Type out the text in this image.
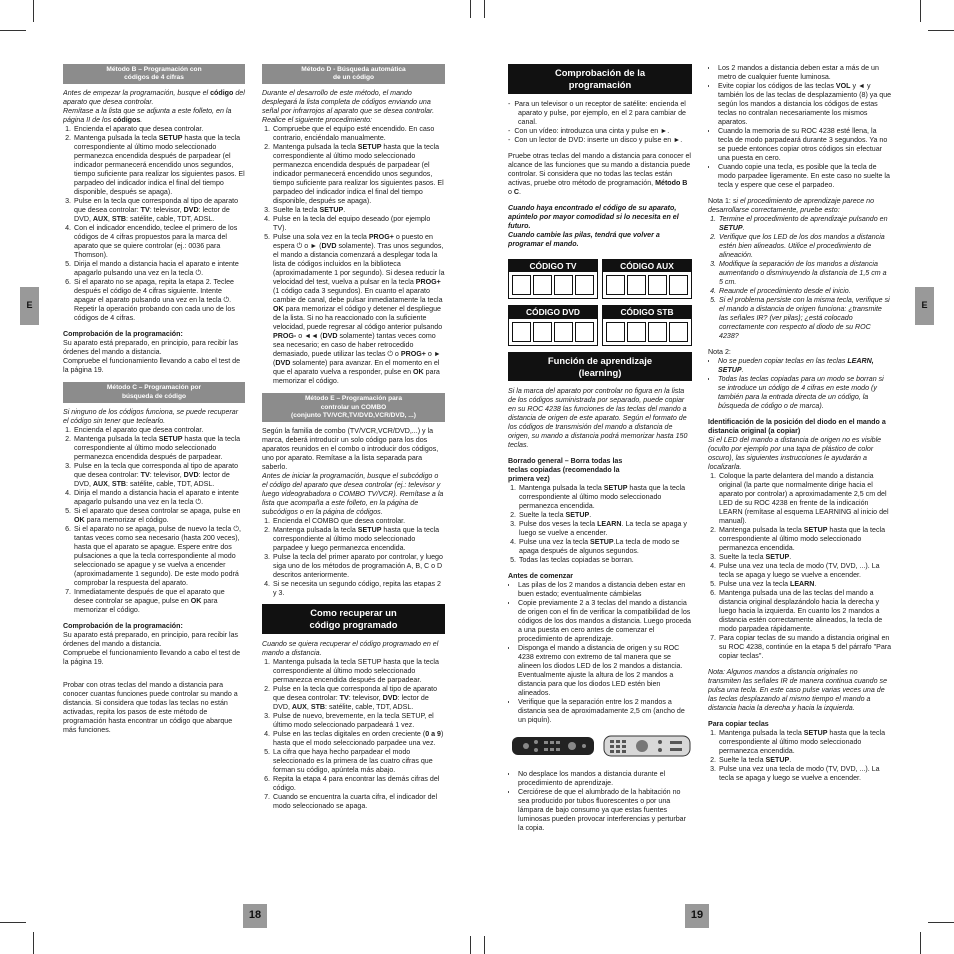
E	E
18	19
Método B – Programación con
códigos de 4 cifras

Antes de empezar la programación, busque el código del aparato que desea controlar.

Remítase a la lista que se adjunta a este folleto, en la página II de los códigos.

1. Encienda el aparato que desea controlar.
2. Mantenga pulsada la tecla SETUP hasta que la tecla correspondiente al último modo seleccionado permanezca encendida después de parpadear (el indicador permanecerá encendido unos segundos, tiempo suficiente para realizar los siguientes pasos. El parpadeo del indicador indica el final del tiempo disponible, después se apaga).
3. Pulse en la tecla que corresponda al tipo de aparato que desea controlar: TV: televisor, DVD: lector de DVD, AUX, STB: satélite, cable, TDT, ADSL.
4. Con el indicador encendido, teclee el primero de los códigos de 4 cifras propuestos para la marca del aparato que se quiere controlar (ej.: 0036 para Thomson).
5. Dirija el mando a distancia hacia el aparato e intente apagarlo pulsando una vez en la tecla ⏻.
6. Si el aparato no se apaga, repita la etapa 2. Teclee después el código de 4 cifras siguiente. Intente apagar el aparato pulsando una vez en la tecla ⏻. Repetir la operación probando con cada uno de los códigos de 4 cifras.

Comprobación de la programación:

Su aparato está preparado, en principio, para recibir las órdenes del mando a distancia.

Compruebe el funcionamiento llevando a cabo el test de la página 19.

Método C – Programación por
búsqueda de código

Si ninguno de los códigos funciona, se puede recuperar el código sin tener que teclearlo.

1. Encienda el aparato que desea controlar.
2. Mantenga pulsada la tecla SETUP hasta que la tecla correspondiente al último modo seleccionado permanezca encendida después de parpadear.
3. Pulse en la tecla que corresponda al tipo de aparato que desea controlar: TV: televisor, DVD: lector de DVD, AUX, STB: satélite, cable, TDT, ADSL.
4. Dirija el mando a distancia hacia el aparato e intente apagarlo pulsando una vez en la tecla ⏻.
5. Si el aparato que desea controlar se apaga, pulse en OK para memorizar el código.
6. Si el aparato no se apaga, pulse de nuevo la tecla ⏻, tantas veces como sea necesario (hasta 200 veces), hasta que el aparato se apague. Espere entre dos pulsaciones a que la tecla correspondiente al modo seleccionado se apague y se vuelva a encender (aproximadamente 1 segundo). De este modo podrá comprobar la respuesta del aparato.
7. Inmediatamente después de que el aparato que desee controlar se apague, pulse en OK para memorizar el código.

Comprobación de la programación:

Su aparato está preparado, en principio, para recibir las órdenes del mando a distancia.

Compruebe el funcionamiento llevando a cabo el test de la página 19.

Probar con otras teclas del mando a distancia para conocer cuantas funciones puede controlar su mando a distancia. Si considera que todas las teclas no están activadas, repita los pasos de este método de programación hasta encontrar un código que abarque más funciones.

Método D - Búsqueda automática
de un código

Durante el desarrollo de este método, el mando desplegará la lista completa de códigos enviando una señal por infrarrojos al aparato que se desea controlar. Realice el siguiente procedimiento:

1. Compruebe que el equipo esté encendido. En caso contrario, enciéndalo manualmente.
2. Mantenga pulsada la tecla SETUP hasta que la tecla correspondiente al último modo seleccionado permanezca encendida después de parpadear (el indicador permanecerá encendido unos segundos, tiempo suficiente para realizar los siguientes pasos. El parpadeo del indicador indica el final del tiempo disponible, después se apaga).
3. Suelte la tecla SETUP.
4. Pulse en la tecla del equipo deseado (por ejemplo TV).
5. Pulse una sola vez en la tecla PROG+ o puesto en espera ⏻ o ► (DVD solamente). Tras unos segundos, el mando a distancia comenzará a desplegar toda la lista de códigos incluidos en la biblioteca (aproximadamente 1 por segundo). Si desea reducir la velocidad del test, vuelva a pulsar en la tecla PROG+ (1 código cada 3 segundos). En cuanto el aparato cambie de canal, debe pulsar inmediatamente la tecla OK para memorizar el código y detener el despliegue de la lista. Si no ha reaccionado con la suficiente velocidad, puede regresar al código anterior pulsando PROG- o ◄◄ (DVD solamente) tantas veces como sea necesario; en caso de haber retrocedido demasiado, puede utilizar las teclas ⏻ o PROG+ o ► (DVD solamente) para avanzar. En el momento en el que el aparato vuelva a responder, pulse en OK para memorizar el código.
Método E – Programación para
controlar un COMBO
(conjunto TV/VCR,TV/DVD,VCR/DVD, ...)

Según la familia de combo (TV/VCR,VCR/DVD,...) y la marca, deberá introducir un solo código para los dos aparatos reunidos en el combo o introducir dos códigos, uno por aparato. Remítase a la lista separada para saberlo.

Antes de iniciar la programación, busque el subcódigo o el código del aparato que desea controlar (ej.: televisor y luego videograbadora o COMBO TV/VCR). Remítase a la lista que acompaña a este folleto, en la página de subcódigos o en la página de códigos.

1. Encienda el COMBO que desea controlar.
2. Mantenga pulsada la tecla SETUP hasta que la tecla correspondiente al último modo seleccionado parpadee y luego permanezca encendida.
3. Pulse la tecla del primer aparato por controlar, y luego siga uno de los métodos de programación A, B, C o D descritos anteriormente.
4. Si se necesita un segundo código, repita las etapas 2 y 3.
Como recuperar un
código programado

Cuando se quiera recuperar el código programado en el mando a distancia.

1. Mantenga pulsada la tecla SETUP hasta que la tecla correspondiente al último modo seleccionado permanezca encendida después de parpadear.
2. Pulse en la tecla que corresponda al tipo de aparato que desea controlar: TV: televisor, DVD: lector de DVD, AUX, STB: satélite, cable, TDT, ADSL.
3. Pulse de nuevo, brevemente, en la tecla SETUP, el último modo seleccionado parpadeará 1 vez.
4. Pulse en las teclas digitales en orden creciente (0 a 9) hasta que el modo seleccionado parpadee una vez.
5. La cifra que haya hecho parpadear el modo seleccionado es la primera de las cuatro cifras que forman su código, apúntela más abajo.
6. Repita la etapa 4 para encontrar las demás cifras del código.
7. Cuando se encuentra la cuarta cifra, el indicador del modo seleccionado se apaga.
Comprobación de la
programación
-  Para un televisor o un receptor de satélite: encienda el aparato y pulse, por ejemplo, en el 2 para cambiar de canal.
-  Con un vídeo: introduzca una cinta y pulse en ►.
-  Con un lector de DVD: inserte un disco y pulse en ►.

Pruebe otras teclas del mando a distancia para conocer el alcance de las funciones que su mando a distancia puede controlar. Si considera que no todas las teclas están activas, pruebe otro método de programación, Método B o C.

Cuando haya encontrado el código de su aparato, apúntelo por mayor comodidad si lo necesita en el futuro.

Cuando cambie las pilas, tendrá que volver a programar el mando.

CÓDIGO TV	CÓDIGO AUX
CÓDIGO DVD	CÓDIGO STB
Función de aprendizaje
(learning)

Si la marca del aparato por controlar no figura en la lista de los códigos suministrada por separado, puede copiar en su ROC 4238 las funciones de las teclas del mando a distancia de origen de este aparato. Según el formato de los códigos de transmisión del mando a distancia de origen, su mando a distancia podrá memorizar hasta 150 teclas.

Borrado general – Borra todas las teclas copiadas (recomendado la primera vez)

1. Mantenga pulsada la tecla SETUP hasta que la tecla correspondiente al último modo seleccionado permanezca encendida.
2. Suelte la tecla SETUP.
3. Pulse dos veses la tecla LEARN. La tecla se apaga y luego se vuelve a encender.
4. Pulse una vez la tecla SETUP.La tecla de modo se apaga después de algunos segundos.
5. Todas las teclas copiadas se borran.

Antes de comenzar

• Las pilas de los 2 mandos a distancia deben estar en buen estado; eventualmente cámbielas
• Copie previamente 2 a 3 teclas del mando a distancia de origen con el fin de verificar la compatibilidad de los códigos de los dos mandos a distancia. Luego proceda a una puesta en cero antes de comenzar el procedimiento de aprendizaje.
• Disponga el mando a distancia de origen y su ROC 4238 extremo con extremo de tal manera que se alineen los diodos LED de los 2 mandos a distancia. Eventualmente ajuste la altura de los 2 mandos a distancia para que los diodos LED estén bien alineados.
• Verifique que la separación entre los 2 mandos a distancia sea de aproximadamente 2,5 cm (ancho de un piquín).
• No desplace los mandos a distancia durante el procedimiento de aprendizaje.
• Cerciórese de que el alumbrado de la habitación no sea producido por tubos fluorescentes o por una lámpara de bajo consumo ya que estas fuentes luminosas pueden provocar interferencias y perturbar la copia.
• Los 2 mandos a distancia deben estar a más de un metro de cualquier fuente luminosa.
• Evite copiar los códigos de las teclas VOL y ◄ y también los de las teclas de desplazamiento (8) ya que según los mandos a distancia los códigos de estas teclas no contralan necesariamente los mismos aparatos.
• Cuando la memoria de su ROC 4238 esté llena, la tecla de modo parpadeará durante 3 segundos. Ya no se puede entonces copiar otros códigos sin efectuar una puesta en cero.
• Cuando copie una tecla, es posible que la tecla de modo parpadee ligeramente. En este caso no suelte la tecla y espere que cese el parpadeo.

Nota 1: si el procedimiento de aprendizaje parece no desarrollarse correctamente, pruebe esto:

1. Termine el procedimiento de aprendizaje pulsando en SETUP.
2. Verifique que los LED de los dos mandos a distancia estén bien alineados. Utilice el procedimiento de alineación.
3. Modifique la separación de los mandos a distancia aumentando o disminuyendo la distancia de 1,5 cm a 5 cm.
4. Reaunde el procedimiento desde el inicio.
5. Si el problema persiste con la misma tecla, verifique si el mando a distancia de origen funciona: ¿transmite las señales IR? (ver pilas); ¿está colocado correctamente con respecto al diodo de su ROC 4238?

Nota 2:

• No se pueden copiar teclas en las teclas LEARN, SETUP.
• Todas las teclas copiadas para un modo se borran si se introduce un código de 4 cifras en este modo (y también para la entrada directa de un código, la búsqueda de código o de marca).

Identificación de la posición del diodo en el mando a distancia original (a copiar)

Si el LED del mando a distancia de origen no es visible (oculto por ejemplo por una tapa de plástico de color oscuro), las siguientes instrucciones le ayudarán a localizarla.

1. Coloque la parte delantera del mando a distancia original (la parte que normalmente dirige hacia el aparato por controlar) a aproximadamente 2,5 cm del LED de su ROC 4238 en frente de la indicación LEARN (remítase al esquema LEARNING al inicio del manual).
2. Mantenga pulsada la tecla SETUP hasta que la tecla correspondiente al último modo seleccionado permanezca encendida.
3. Suelte la tecla SETUP.
4. Pulse una vez una tecla de modo (TV, DVD, ...). La tecla se apaga y luego se vuelve a encender.
5. Pulse una vez la tecla LEARN.
6. Mantenga pulsada una de las teclas del mando a distancia original desplazándolo hacia la derecha y luego hacia la izquierda. En cuanto los 2 mandos a distancia estén correctamente alineados, la tecla de modo parpadea rápidamente.
7. Para copiar teclas de su mando a distancia original en su ROC 4238, continúe en la etapa 5 del párrafo "Para copiar teclas".

Nota: Algunos mandos a distancia originales no transmiten las señales IR de manera continua cuando se pulsa una tecla. En este caso pulse varias veces una de las teclas desplazando al mismo tiempo el mando a distancia hacia la derecha y hacia la izquierda.

Para copiar teclas

1. Mantenga pulsada la tecla SETUP hasta que la tecla correspondiente al último modo seleccionado permanezca encendida.
2. Suelte la tecla SETUP.
3. Pulse una vez una tecla de modo (TV, DVD, ...). La tecla se apaga y luego se vuelve a encender.
